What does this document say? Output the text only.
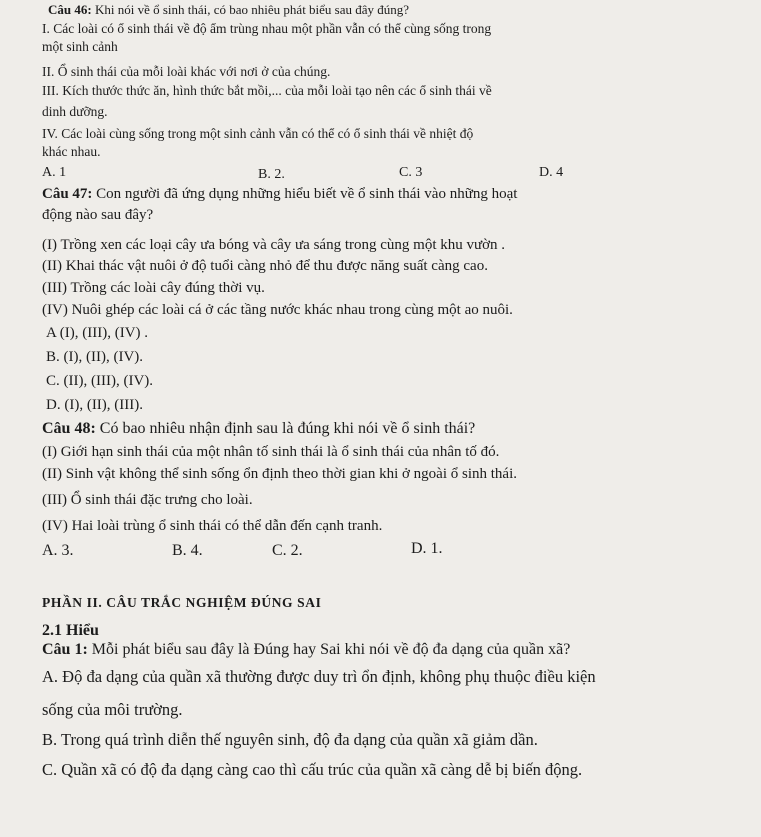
Câu 46: Khi nói về ổ sinh thái, có bao nhiêu phát biểu sau đây đúng?
I. Các loài có ổ sinh thái về độ ẩm trùng nhau một phần vẫn có thể cùng sống trong
một sinh cảnh
II. Ổ sinh thái của mỗi loài khác với nơi ở của chúng.
III. Kích thước thức ăn, hình thức bắt mồi,... của mỗi loài tạo nên các ổ sinh thái về
dinh dưỡng.
IV. Các loài cùng sống trong một sinh cảnh vẫn có thể có ổ sinh thái về nhiệt độ
khác nhau.
A. 1	B. 2.	C. 3	D. 4
Câu 47: Con người đã ứng dụng những hiểu biết về ổ sinh thái vào những hoạt
động nào sau đây?
(I) Trồng xen các loại cây ưa bóng và cây ưa sáng trong cùng một khu vườn .
(II) Khai thác vật nuôi ở độ tuổi càng nhỏ để thu được năng suất càng cao.
(III) Trồng các loài cây đúng thời vụ.
(IV) Nuôi ghép các loài cá ở các tầng nước khác nhau trong cùng một ao nuôi.
A (I), (III), (IV) .
B. (I), (II), (IV).
C. (II), (III), (IV).
D. (I), (II), (III).
Câu 48: Có bao nhiêu nhận định sau là đúng khi nói về ổ sinh thái?
(I) Giới hạn sinh thái của một nhân tố sinh thái là ổ sinh thái của nhân tố đó.
(II) Sinh vật không thể sinh sống ổn định theo thời gian khi ở ngoài ổ sinh thái.
(III) Ổ sinh thái đặc trưng cho loài.
(IV) Hai loài trùng ổ sinh thái có thể dẫn đến cạnh tranh.
A. 3.	B. 4.	C. 2.	D. 1.
PHẦN II. CÂU TRẮC NGHIỆM ĐÚNG SAI
2.1 Hiểu
Câu 1: Mỗi phát biểu sau đây là Đúng hay Sai khi nói về độ đa dạng của quần xã?
A. Độ đa dạng của quần xã thường được duy trì ổn định, không phụ thuộc điều kiện
sống của môi trường.
B. Trong quá trình diễn thế nguyên sinh, độ đa dạng của quần xã giảm dần.
C. Quần xã có độ đa dạng càng cao thì cấu trúc của quần xã càng dễ bị biến động.
